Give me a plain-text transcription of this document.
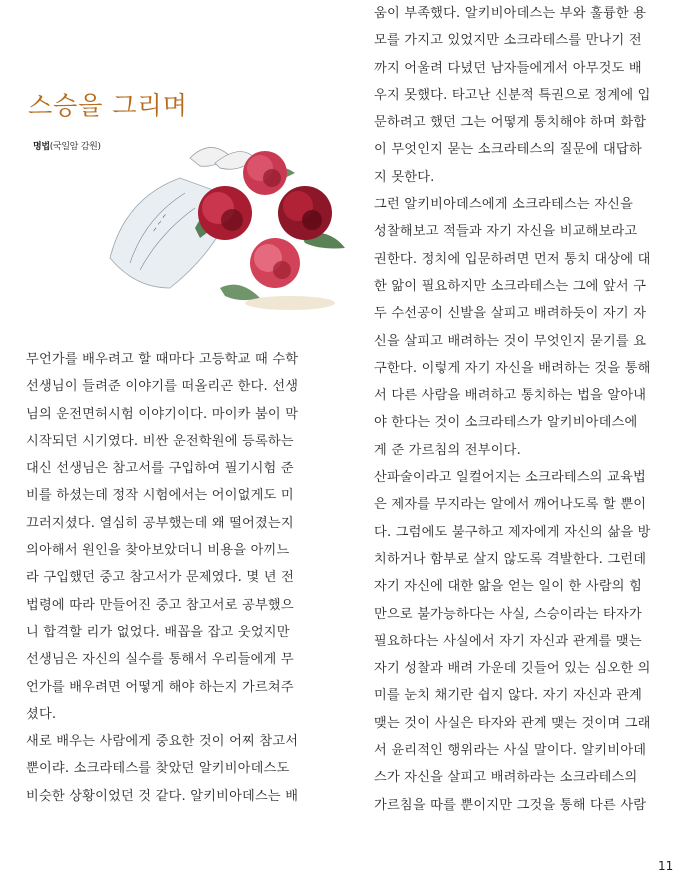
스승을 그리며
명법(국일암 감원)
~ ~ ~

무언가를 배우려고 할 때마다 고등학교 때 수학

선생님이 들려준 이야기를 떠올리곤 한다. 선생

님의 운전면허시험 이야기이다. 마이카 붐이 막

시작되던 시기였다. 비싼 운전학원에 등록하는

대신 선생님은 참고서를 구입하여 필기시험 준

비를 하셨는데 정작 시험에서는 어이없게도 미

끄러지셨다. 열심히 공부했는데 왜 떨어졌는지

의아해서 원인을 찾아보았더니 비용을 아끼느

라 구입했던 중고 참고서가 문제였다. 몇 년 전

법령에 따라 만들어진 중고 참고서로 공부했으

니 합격할 리가 없었다. 배꼽을 잡고 웃었지만

선생님은 자신의 실수를 통해서 우리들에게 무

언가를 배우려면 어떻게 해야 하는지 가르쳐주

셨다.

새로 배우는 사람에게 중요한 것이 어찌 참고서

뿐이랴. 소크라테스를 찾았던 알키비아데스도

비슷한 상황이었던 것 같다. 알키비아데스는 배

움이 부족했다. 알키비아데스는 부와 훌륭한 용

모를 가지고 있었지만 소크라테스를 만나기 전

까지 어울려 다녔던 남자들에게서 아무것도 배

우지 못했다. 타고난 신분적 특권으로 정계에 입

문하려고 했던 그는 어떻게 통치해야 하며 화합

이 무엇인지 묻는 소크라테스의 질문에 대답하

지 못한다.

그런 알키비아데스에게 소크라테스는 자신을

성찰해보고 적들과 자기 자신을 비교해보라고

권한다. 정치에 입문하려면 먼저 통치 대상에 대

한 앎이 필요하지만 소크라테스는 그에 앞서 구

두 수선공이 신발을 살피고 배려하듯이 자기 자

신을 살피고 배려하는 것이 무엇인지 묻기를 요

구한다. 이렇게 자기 자신을 배려하는 것을 통해

서 다른 사람을 배려하고 통치하는 법을 알아내

야 한다는 것이 소크라테스가 알키비아데스에

게 준 가르침의 전부이다.

산파술이라고 일컬어지는 소크라테스의 교육법

은 제자를 무지라는 알에서 깨어나도록 할 뿐이

다. 그럼에도 불구하고 제자에게 자신의 삶을 방

치하거나 함부로 살지 않도록 격발한다. 그런데

자기 자신에 대한 앎을 얻는 일이 한 사람의 힘

만으로 불가능하다는 사실, 스승이라는 타자가

필요하다는 사실에서 자기 자신과 관계를 맺는

자기 성찰과 배려 가운데 깃들어 있는 심오한 의

미를 눈치 채기란 쉽지 않다. 자기 자신과 관계

맺는 것이 사실은 타자와 관계 맺는 것이며 그래

서 윤리적인 행위라는 사실 말이다. 알키비아데

스가 자신을 살피고 배려하라는 소크라테스의

가르침을 따를 뿐이지만 그것을 통해 다른 사람

11
